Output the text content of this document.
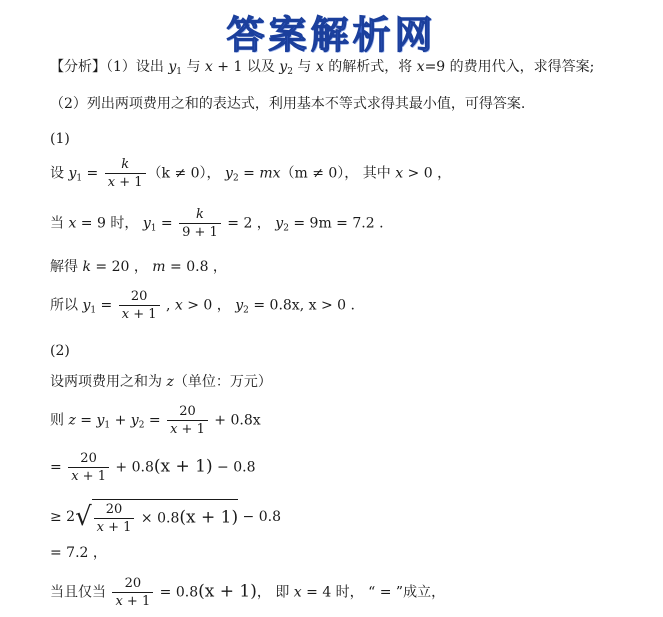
答案解析网
【分析】（1）设出 $y_1$ 与 x + 1 以及 $y_2$ 与 x 的解析式，将 x=9 的费用代入，求得答案;
（2）列出两项费用之和的表达式，利用基本不等式求得其最小值，可得答案.
(1)
设 $y_1 = \frac{k}{x + 1} (k \ne 0)$， $y_2 = mx(m \ne 0)$， 其中 x > 0 ，
当 x = 9 时， $y_1 = \frac{k}{9 + 1} = 2$ ， $y_2 = 9m = 7.2$ .
解得 k = 20 ， m = 0.8 ，
所以 $y_1 = \frac{20}{x + 1}$ , x > 0 ， $y_2 = 0.8x$, x > 0 .
(2)
设两项费用之和为 z（单位：万元）
则 $z = y_1 + y_2 = \frac{20}{x + 1} + 0.8x$
= $\frac{20}{x + 1} + 0.8(x + 1) - 0.8$
≥ $2√ \frac{20}{x + 1} \times 0.8(x + 1) - 0.8$
= 7.2 ，
当且仅当 $\frac{20}{x + 1} = 0.8(x + 1)$， 即 x = 4 时， “ = ”成立，
